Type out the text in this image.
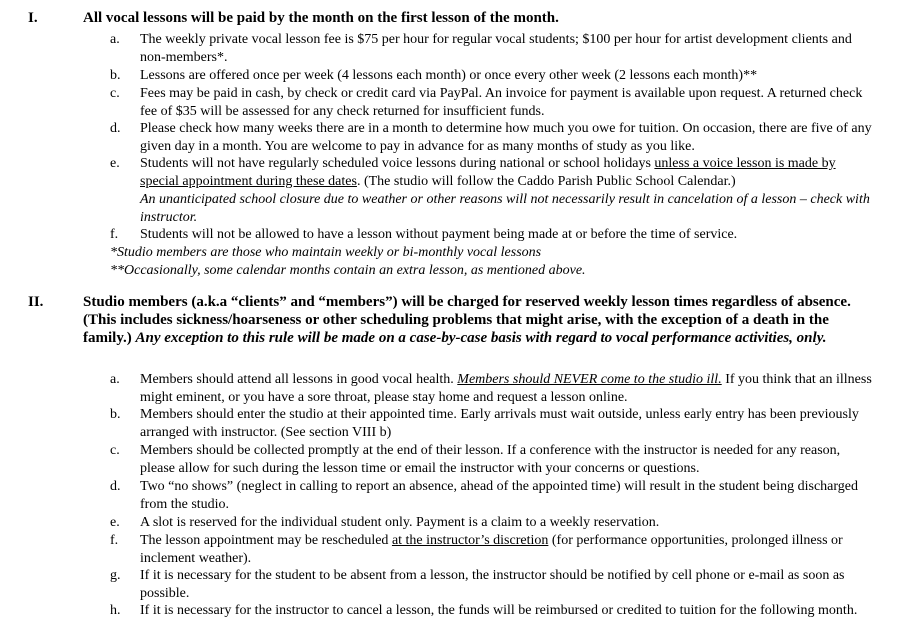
I.	All vocal lessons will be paid by the month on the first lesson of the month.
a.	The weekly private vocal lesson fee is $75 per hour for regular vocal students; $100 per hour for artist development clients and non-members*.
b.	Lessons are offered once per week (4 lessons each month) or once every other week (2 lessons each month)**
c.	Fees may be paid in cash, by check or credit card via PayPal. An invoice for payment is available upon request. A returned check fee of $35 will be assessed for any check returned for insufficient funds.
d.	Please check how many weeks there are in a month to determine how much you owe for tuition. On occasion, there are five of any given day in a month. You are welcome to pay in advance for as many months of study as you like.
e.	Students will not have regularly scheduled voice lessons during national or school holidays unless a voice lesson is made by special appointment during these dates. (The studio will follow the Caddo Parish Public School Calendar.)
An unanticipated school closure due to weather or other reasons will not necessarily result in cancelation of a lesson – check with instructor.
f.	Students will not be allowed to have a lesson without payment being made at or before the time of service.
*Studio members are those who maintain weekly or bi-monthly vocal lessons
**Occasionally, some calendar months contain an extra lesson, as mentioned above.
II.	Studio members (a.k.a “clients” and “members”) will be charged for reserved weekly lesson times regardless of absence. (This includes sickness/hoarseness or other scheduling problems that might arise, with the exception of a death in the family.) Any exception to this rule will be made on a case-by-case basis with regard to vocal performance activities, only.
a.	Members should attend all lessons in good vocal health. Members should NEVER come to the studio ill. If you think that an illness might eminent, or you have a sore throat, please stay home and request a lesson online.
b.	Members should enter the studio at their appointed time. Early arrivals must wait outside, unless early entry has been previously arranged with instructor. (See section VIII b)
c.	Members should be collected promptly at the end of their lesson. If a conference with the instructor is needed for any reason, please allow for such during the lesson time or email the instructor with your concerns or questions.
d.	Two “no shows” (neglect in calling to report an absence, ahead of the appointed time) will result in the student being discharged from the studio.
e.	A slot is reserved for the individual student only. Payment is a claim to a weekly reservation.
f.	The lesson appointment may be rescheduled at the instructor’s discretion (for performance opportunities, prolonged illness or inclement weather).
g.	If it is necessary for the student to be absent from a lesson, the instructor should be notified by cell phone or e-mail as soon as possible.
h.	If it is necessary for the instructor to cancel a lesson, the funds will be reimbursed or credited to tuition for the following month.
